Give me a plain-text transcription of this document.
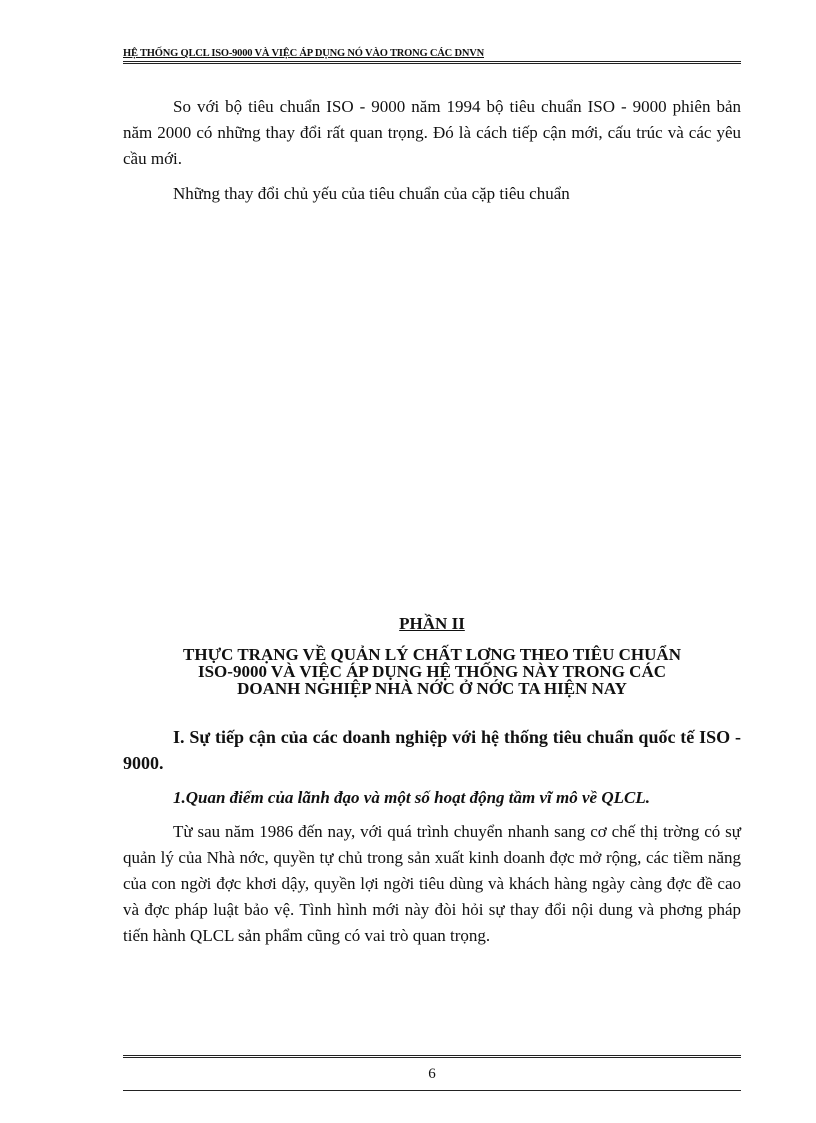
HỆ THỐNG QLCL ISO-9000 VÀ VIỆC ÁP DỤNG NÓ VÀO TRONG CÁC DNVN
So với bộ tiêu chuẩn ISO - 9000 năm 1994 bộ tiêu chuẩn ISO - 9000 phiên bản năm 2000 có những thay đổi rất quan trọng. Đó là cách tiếp cận mới, cấu trúc và các yêu cầu mới.
Những thay đổi chủ yếu của tiêu chuẩn của cặp tiêu chuẩn
PHẦN II
THỰC TRẠNG VỀ QUẢN LÝ CHẤT LƠNG THEO TIÊU CHUẨN
ISO-9000 VÀ VIỆC ÁP DỤNG HỆ THỐNG NÀY TRONG CÁC
DOANH NGHIỆP NHÀ NỚC Ở NỚC TA HIỆN NAY
I. Sự tiếp cận của các doanh nghiệp với hệ thống tiêu chuẩn quốc tế ISO - 9000.
1.Quan điểm của lãnh đạo và một số hoạt động tầm vĩ mô về QLCL.
Từ sau năm 1986 đến nay, với quá trình chuyển nhanh sang cơ chế thị trờng có sự quản lý của Nhà nớc, quyền tự chủ trong sản xuất kinh doanh đợc mở rộng, các tiềm năng của con ngời đợc khơi dậy, quyền lợi ngời tiêu dùng và khách hàng ngày càng đợc đề cao và đợc pháp luật bảo vệ. Tình hình mới này đòi hỏi sự thay đổi nội dung và phơng pháp tiến hành QLCL sản phẩm cũng có vai trò quan trọng.
6
